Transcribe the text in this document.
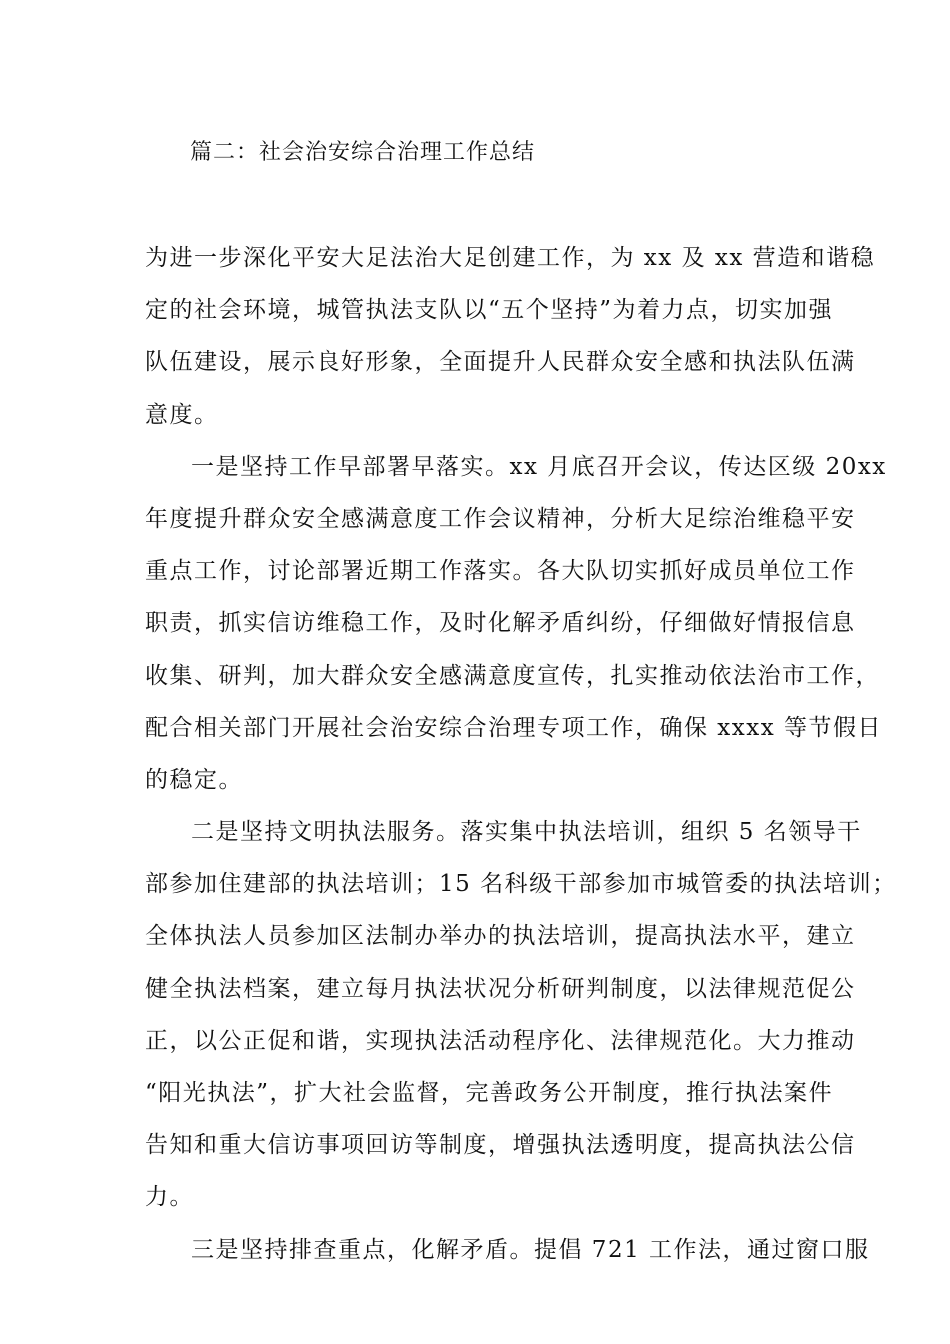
篇二：社会治安综合治理工作总结
为进一步深化平安大足法治大足创建工作，为 xx 及 xx 营造和谐稳
定的社会环境，城管执法支队以“五个坚持”为着力点，切实加强
队伍建设，展示良好形象，全面提升人民群众安全感和执法队伍满
意度。
一是坚持工作早部署早落实。xx 月底召开会议，传达区级 20xx
年度提升群众安全感满意度工作会议精神，分析大足综治维稳平安
重点工作，讨论部署近期工作落实。各大队切实抓好成员单位工作
职责，抓实信访维稳工作，及时化解矛盾纠纷，仔细做好情报信息
收集、研判，加大群众安全感满意度宣传，扎实推动依法治市工作，
配合相关部门开展社会治安综合治理专项工作，确保 xxxx 等节假日
的稳定。
二是坚持文明执法服务。落实集中执法培训，组织 5 名领导干
部参加住建部的执法培训；15 名科级干部参加市城管委的执法培训；
全体执法人员参加区法制办举办的执法培训，提高执法水平，建立
健全执法档案，建立每月执法状况分析研判制度，以法律规范促公
正，以公正促和谐，实现执法活动程序化、法律规范化。大力推动
“阳光执法”，扩大社会监督，完善政务公开制度，推行执法案件
告知和重大信访事项回访等制度，增强执法透明度，提高执法公信
力。
三是坚持排查重点，化解矛盾。提倡 721 工作法，通过窗口服
